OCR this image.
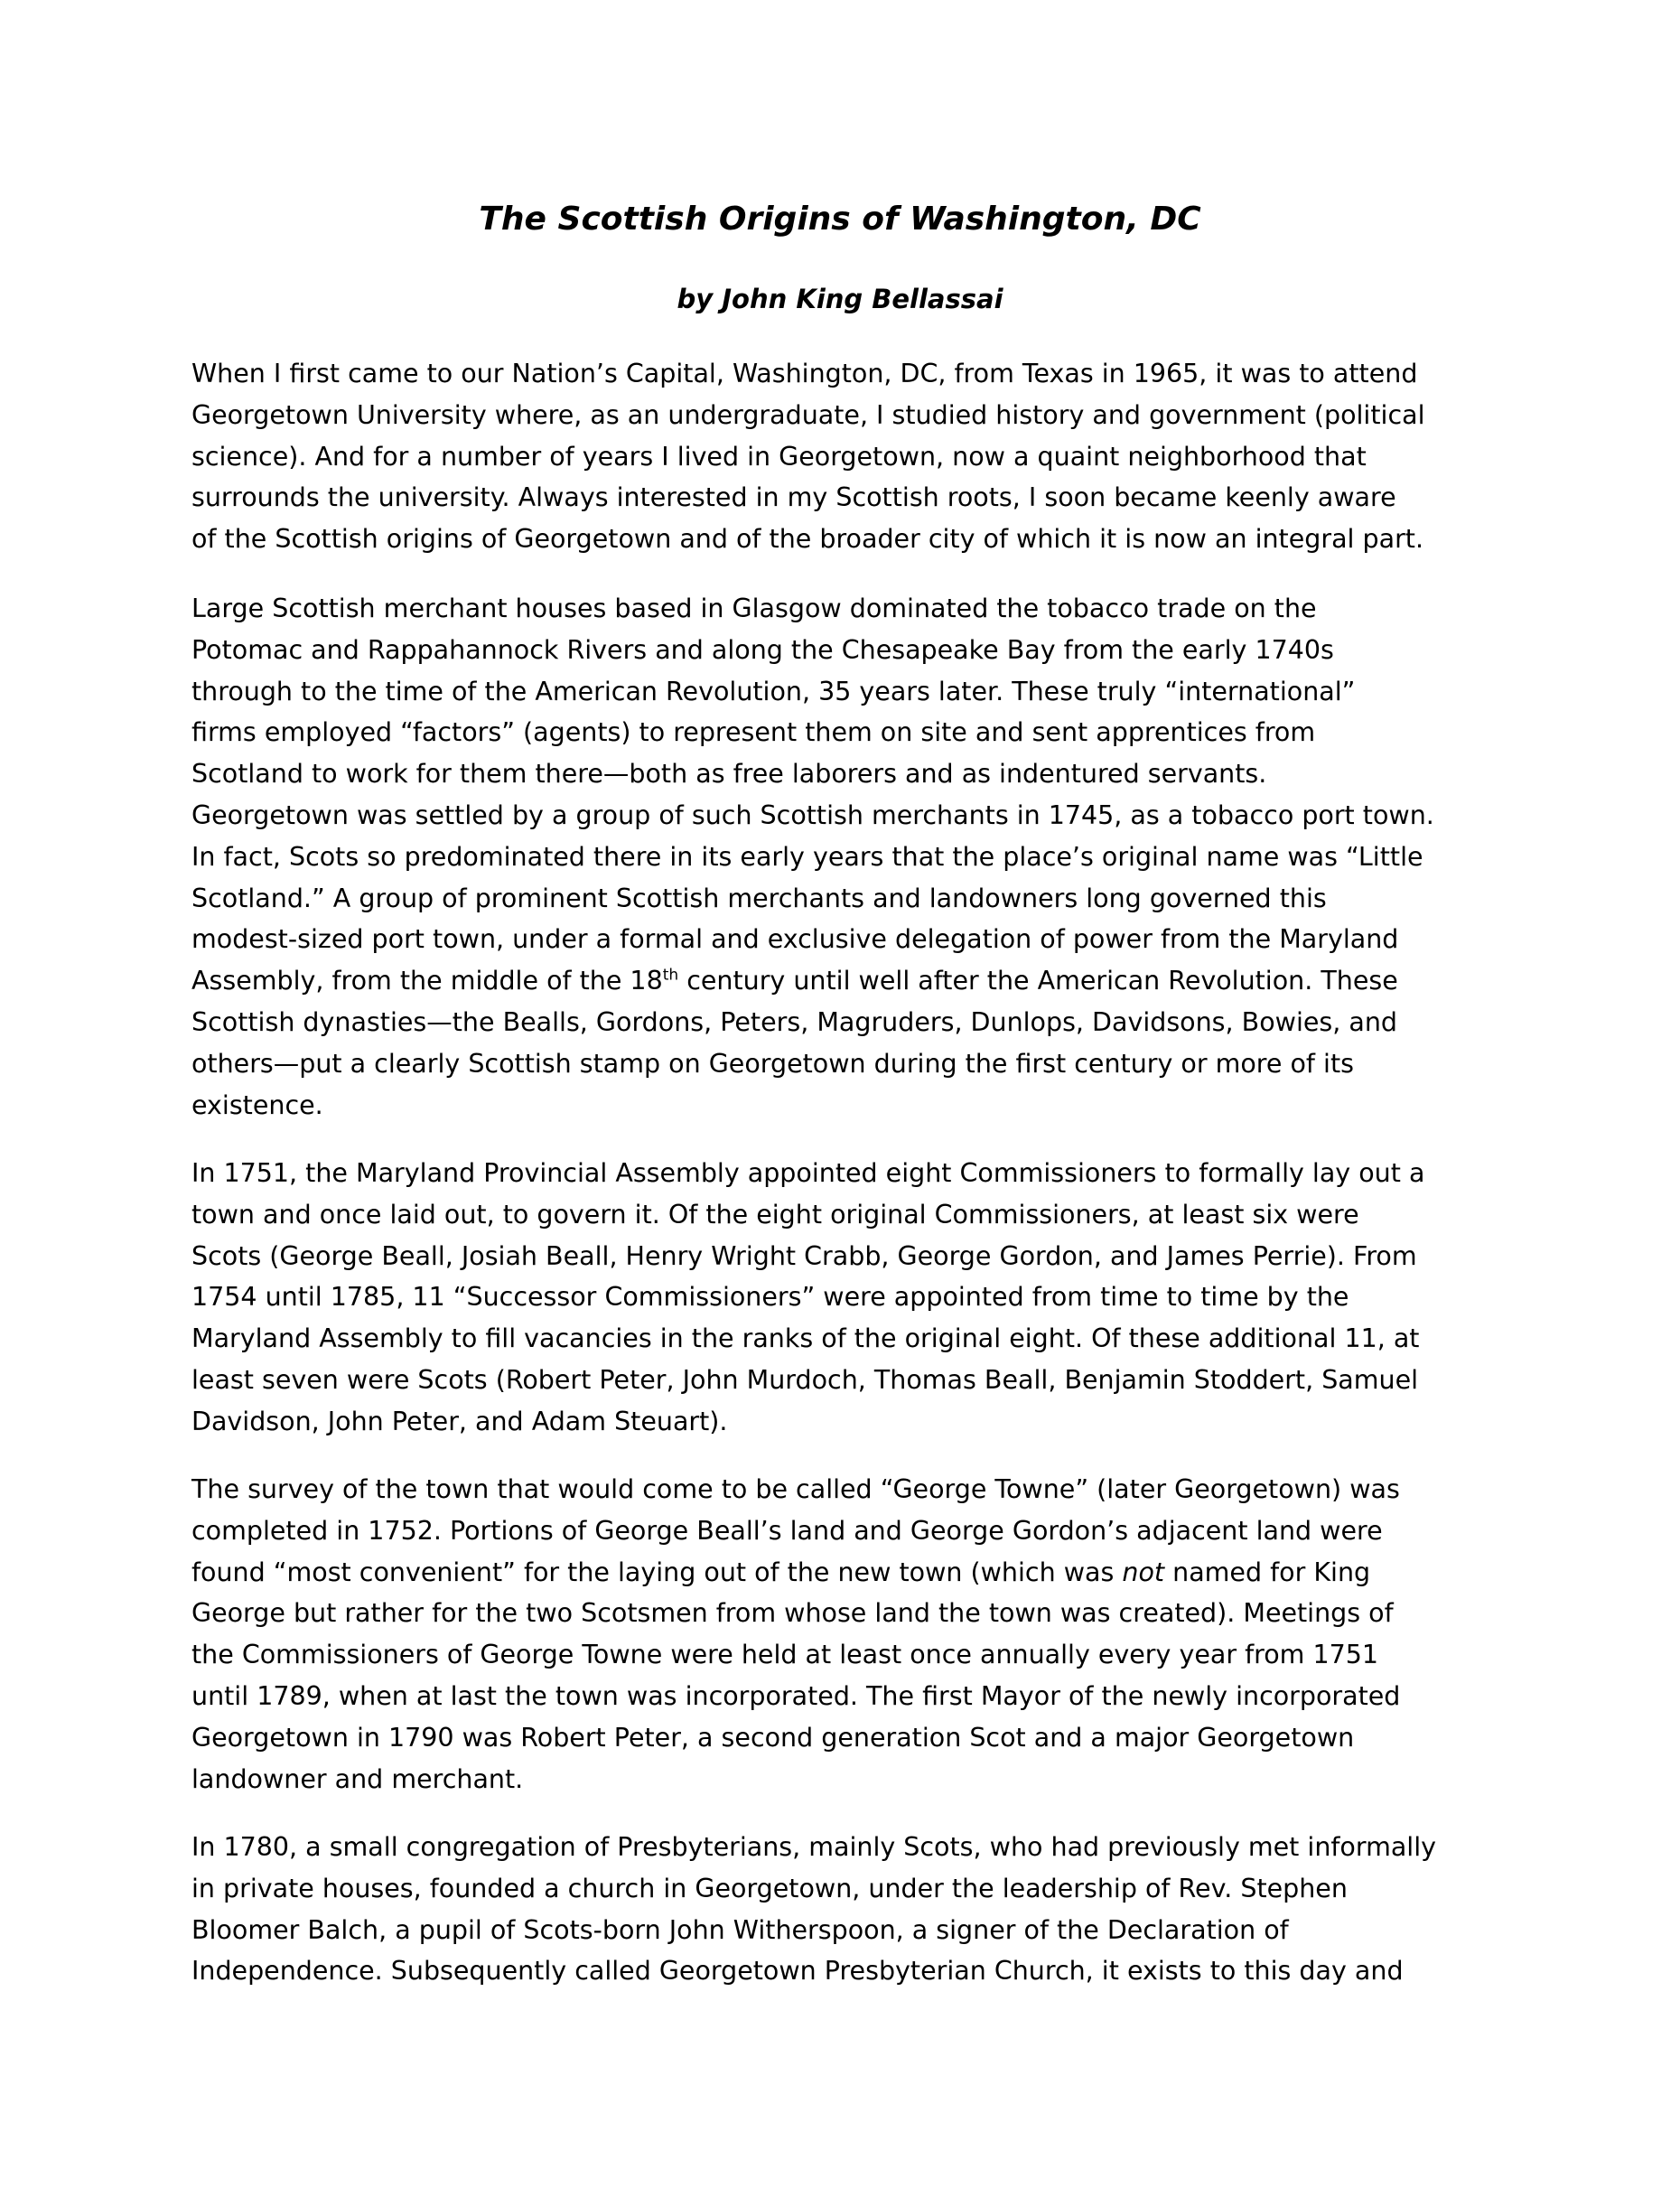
The Scottish Origins of Washington, DC

by John King Bellassai

When I first came to our Nation’s Capital, Washington, DC, from Texas in 1965, it was to attend
Georgetown University where, as an undergraduate, I studied history and government (political
science). And for a number of years I lived in Georgetown, now a quaint neighborhood that
surrounds the university. Always interested in my Scottish roots, I soon became keenly aware
of the Scottish origins of Georgetown and of the broader city of which it is now an integral part.
Large Scottish merchant houses based in Glasgow dominated the tobacco trade on the
Potomac and Rappahannock Rivers and along the Chesapeake Bay from the early 1740s
through to the time of the American Revolution, 35 years later. These truly “international”
firms employed “factors” (agents) to represent them on site and sent apprentices from
Scotland to work for them there—both as free laborers and as indentured servants.
Georgetown was settled by a group of such Scottish merchants in 1745, as a tobacco port town.
In fact, Scots so predominated there in its early years that the place’s original name was “Little
Scotland.” A group of prominent Scottish merchants and landowners long governed this
modest-sized port town, under a formal and exclusive delegation of power from the Maryland
Assembly, from the middle of the 18th century until well after the American Revolution. These
Scottish dynasties—the Bealls, Gordons, Peters, Magruders, Dunlops, Davidsons, Bowies, and
others—put a clearly Scottish stamp on Georgetown during the first century or more of its
existence.
In 1751, the Maryland Provincial Assembly appointed eight Commissioners to formally lay out a
town and once laid out, to govern it. Of the eight original Commissioners, at least six were
Scots (George Beall, Josiah Beall, Henry Wright Crabb, George Gordon, and James Perrie). From
1754 until 1785, 11 “Successor Commissioners” were appointed from time to time by the
Maryland Assembly to fill vacancies in the ranks of the original eight. Of these additional 11, at
least seven were Scots (Robert Peter, John Murdoch, Thomas Beall, Benjamin Stoddert, Samuel
Davidson, John Peter, and Adam Steuart).
The survey of the town that would come to be called “George Towne” (later Georgetown) was
completed in 1752. Portions of George Beall’s land and George Gordon’s adjacent land were
found “most convenient” for the laying out of the new town (which was not named for King
George but rather for the two Scotsmen from whose land the town was created). Meetings of
the Commissioners of George Towne were held at least once annually every year from 1751
until 1789, when at last the town was incorporated. The first Mayor of the newly incorporated
Georgetown in 1790 was Robert Peter, a second generation Scot and a major Georgetown
landowner and merchant.
In 1780, a small congregation of Presbyterians, mainly Scots, who had previously met informally
in private houses, founded a church in Georgetown, under the leadership of Rev. Stephen
Bloomer Balch, a pupil of Scots-born John Witherspoon, a signer of the Declaration of
Independence. Subsequently called Georgetown Presbyterian Church, it exists to this day and
